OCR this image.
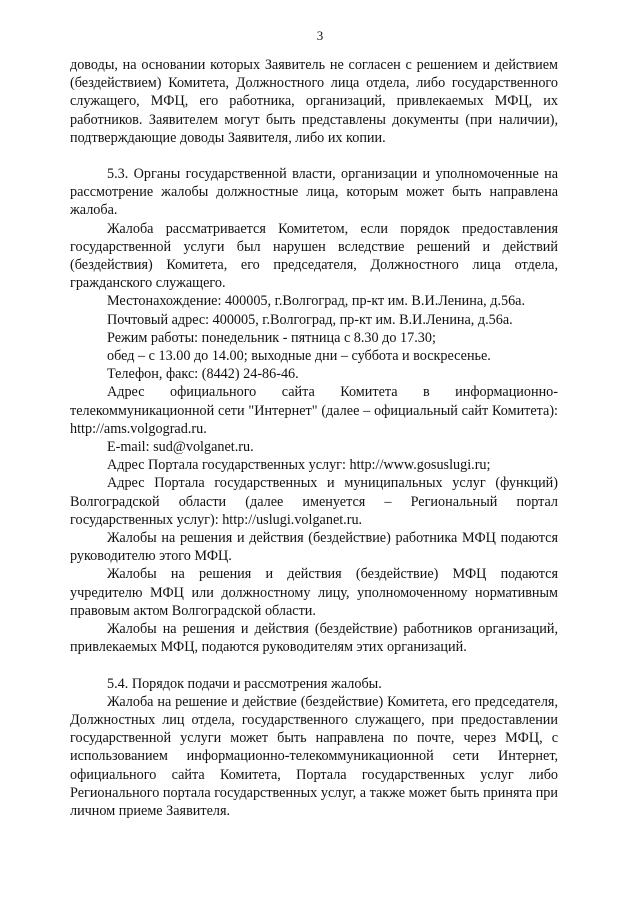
3

доводы, на основании которых Заявитель не согласен с решением и действием (бездействием) Комитета, Должностного лица отдела, либо государственного служащего, МФЦ, его работника, организаций, привлекаемых МФЦ, их работников. Заявителем могут быть представлены документы (при наличии), подтверждающие доводы Заявителя, либо их копии.

5.3. Органы государственной власти, организации и уполномоченные на рассмотрение жалобы должностные лица, которым может быть направлена жалоба.

Жалоба рассматривается Комитетом, если порядок предоставления государственной услуги был нарушен вследствие решений и действий (бездействия) Комитета, его председателя, Должностного лица отдела, гражданского служащего.

Местонахождение: 400005, г.Волгоград, пр-кт им. В.И.Ленина, д.56а.

Почтовый адрес: 400005, г.Волгоград, пр-кт им. В.И.Ленина, д.56а.

Режим работы: понедельник - пятница с 8.30 до 17.30;

обед – с 13.00 до 14.00; выходные дни – суббота и воскресенье.

Телефон, факс: (8442) 24-86-46.

Адрес официального сайта Комитета в информационно-телекоммуникационной сети "Интернет" (далее – официальный сайт Комитета): http://ams.volgograd.ru.

E-mail: sud@volganet.ru.

Адрес Портала государственных услуг: http://www.gosuslugi.ru;

Адрес Портала государственных и муниципальных услуг (функций) Волгоградской области (далее именуется – Региональный портал государственных услуг): http://uslugi.volganet.ru.

Жалобы на решения и действия (бездействие) работника МФЦ подаются руководителю этого МФЦ.

Жалобы на решения и действия (бездействие) МФЦ подаются учредителю МФЦ или должностному лицу, уполномоченному нормативным правовым актом Волгоградской области.

Жалобы на решения и действия (бездействие) работников организаций, привлекаемых МФЦ, подаются руководителям этих организаций.

5.4. Порядок подачи и рассмотрения жалобы.

Жалоба на решение и действие (бездействие) Комитета, его председателя, Должностных лиц отдела, государственного служащего, при предоставлении государственной услуги может быть направлена по почте, через МФЦ, с использованием информационно-телекоммуникационной сети Интернет, официального сайта Комитета, Портала государственных услуг либо Регионального портала государственных услуг, а также может быть принята при личном приеме Заявителя.
